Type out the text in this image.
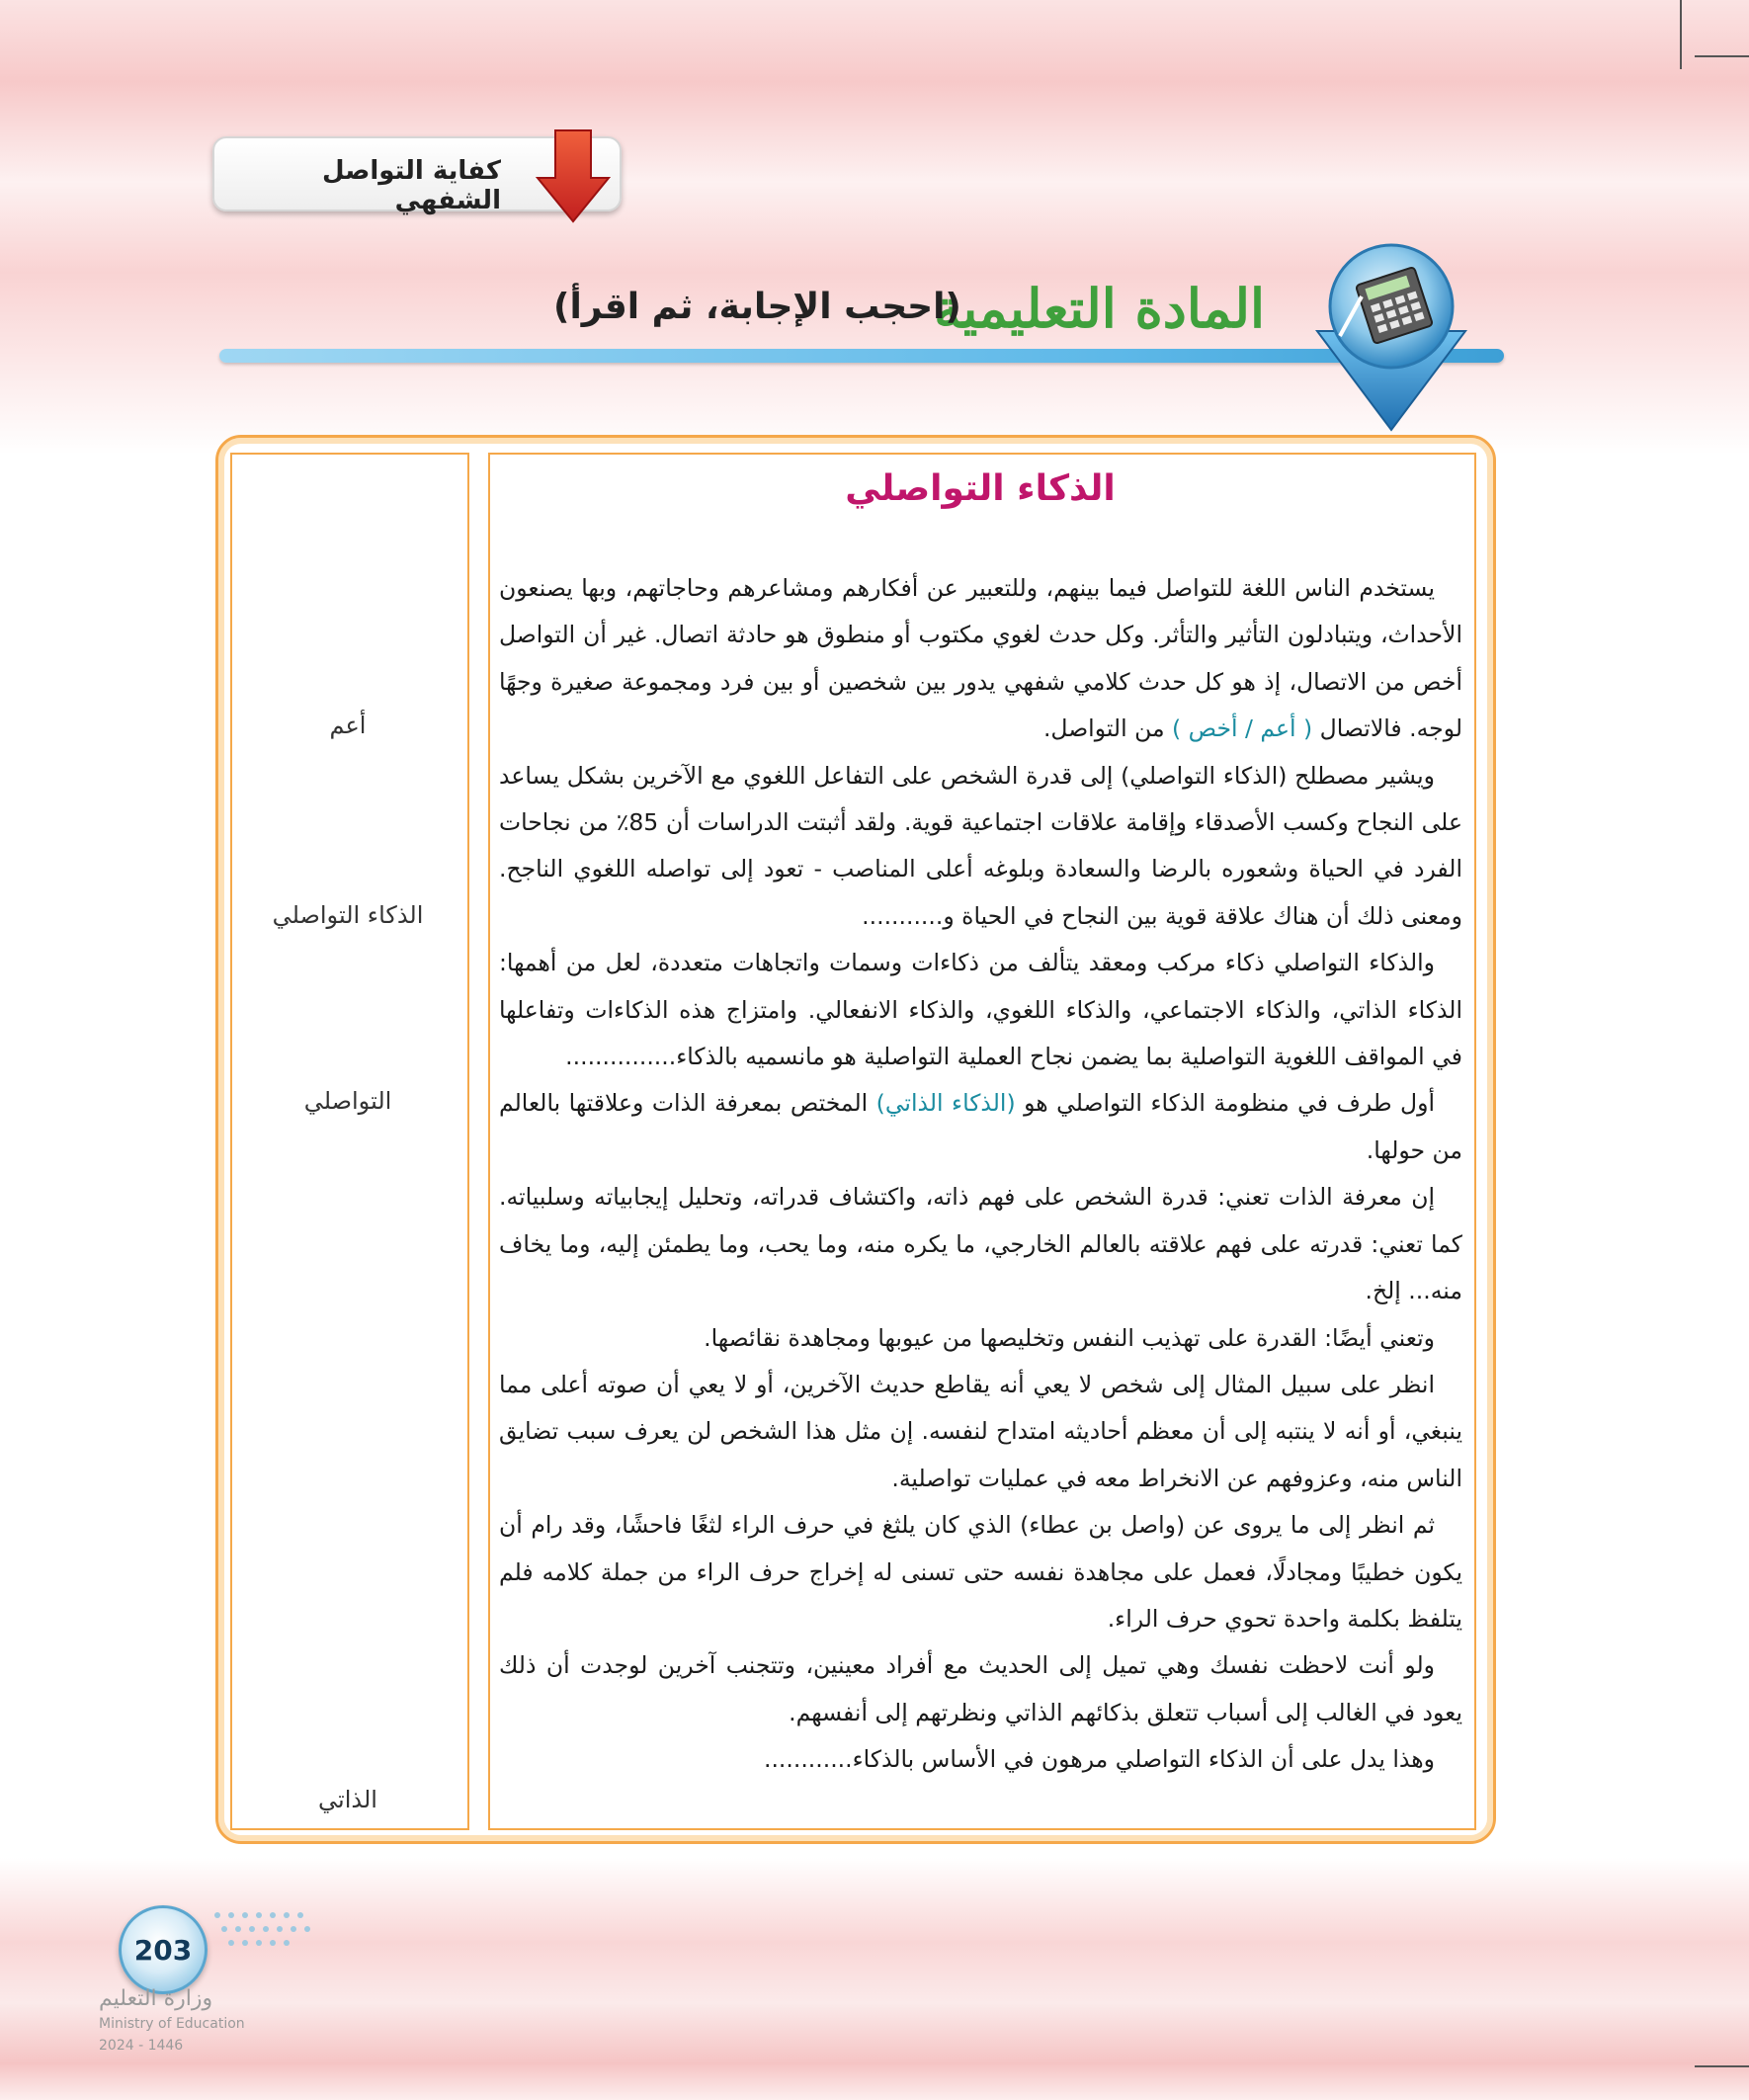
كفاية التواصل الشفهي
المادة التعليمية
(احجب الإجابة، ثم اقرأ)
أعم
الذكاء التواصلي
التواصلي
الذاتي
الذكاء التواصلي

يستخدم الناس اللغة للتواصل فيما بينهم، وللتعبير عن أفكارهم ومشاعرهم وحاجاتهم، وبها يصنعون الأحداث، ويتبادلون التأثير والتأثر. وكل حدث لغوي مكتوب أو منطوق هو حادثة اتصال. غير أن التواصل أخص من الاتصال، إذ هو كل حدث كلامي شفهي يدور بين شخصين أو بين فرد ومجموعة صغيرة وجهًا لوجه. فالاتصال ( أعم / أخص ) من التواصل.

ويشير مصطلح (الذكاء التواصلي) إلى قدرة الشخص على التفاعل اللغوي مع الآخرين بشكل يساعد على النجاح وكسب الأصدقاء وإقامة علاقات اجتماعية قوية. ولقد أثبتت الدراسات أن 85٪ من نجاحات الفرد في الحياة وشعوره بالرضا والسعادة وبلوغه أعلى المناصب - تعود إلى تواصله اللغوي الناجح. ومعنى ذلك أن هناك علاقة قوية بين النجاح في الحياة و...........

والذكاء التواصلي ذكاء مركب ومعقد يتألف من ذكاءات وسمات واتجاهات متعددة، لعل من أهمها: الذكاء الذاتي، والذكاء الاجتماعي، والذكاء اللغوي، والذكاء الانفعالي. وامتزاج هذه الذكاءات وتفاعلها في المواقف اللغوية التواصلية بما يضمن نجاح العملية التواصلية هو مانسميه بالذكاء...............

أول طرف في منظومة الذكاء التواصلي هو (الذكاء الذاتي) المختص بمعرفة الذات وعلاقتها بالعالم من حولها.

إن معرفة الذات تعني: قدرة الشخص على فهم ذاته، واكتشاف قدراته، وتحليل إيجابياته وسلبياته. كما تعني: قدرته على فهم علاقته بالعالم الخارجي، ما يكره منه، وما يحب، وما يطمئن إليه، وما يخاف منه... إلخ.

وتعني أيضًا: القدرة على تهذيب النفس وتخليصها من عيوبها ومجاهدة نقائصها.

انظر على سبيل المثال إلى شخص لا يعي أنه يقاطع حديث الآخرين، أو لا يعي أن صوته أعلى مما ينبغي، أو أنه لا ينتبه إلى أن معظم أحاديثه امتداح لنفسه. إن مثل هذا الشخص لن يعرف سبب تضايق الناس منه، وعزوفهم عن الانخراط معه في عمليات تواصلية.

ثم انظر إلى ما يروى عن (واصل بن عطاء) الذي كان يلثغ في حرف الراء لثغًا فاحشًا، وقد رام أن يكون خطيبًا ومجادلًا، فعمل على مجاهدة نفسه حتى تسنى له إخراج حرف الراء من جملة كلامه فلم يتلفظ بكلمة واحدة تحوي حرف الراء.

ولو أنت لاحظت نفسك وهي تميل إلى الحديث مع أفراد معينين، وتتجنب آخرين لوجدت أن ذلك يعود في الغالب إلى أسباب تتعلق بذكائهم الذاتي ونظرتهم إلى أنفسهم.

وهذا يدل على أن الذكاء التواصلي مرهون في الأساس بالذكاء............

203
وزارة التعليم
Ministry of Education
2024 - 1446
